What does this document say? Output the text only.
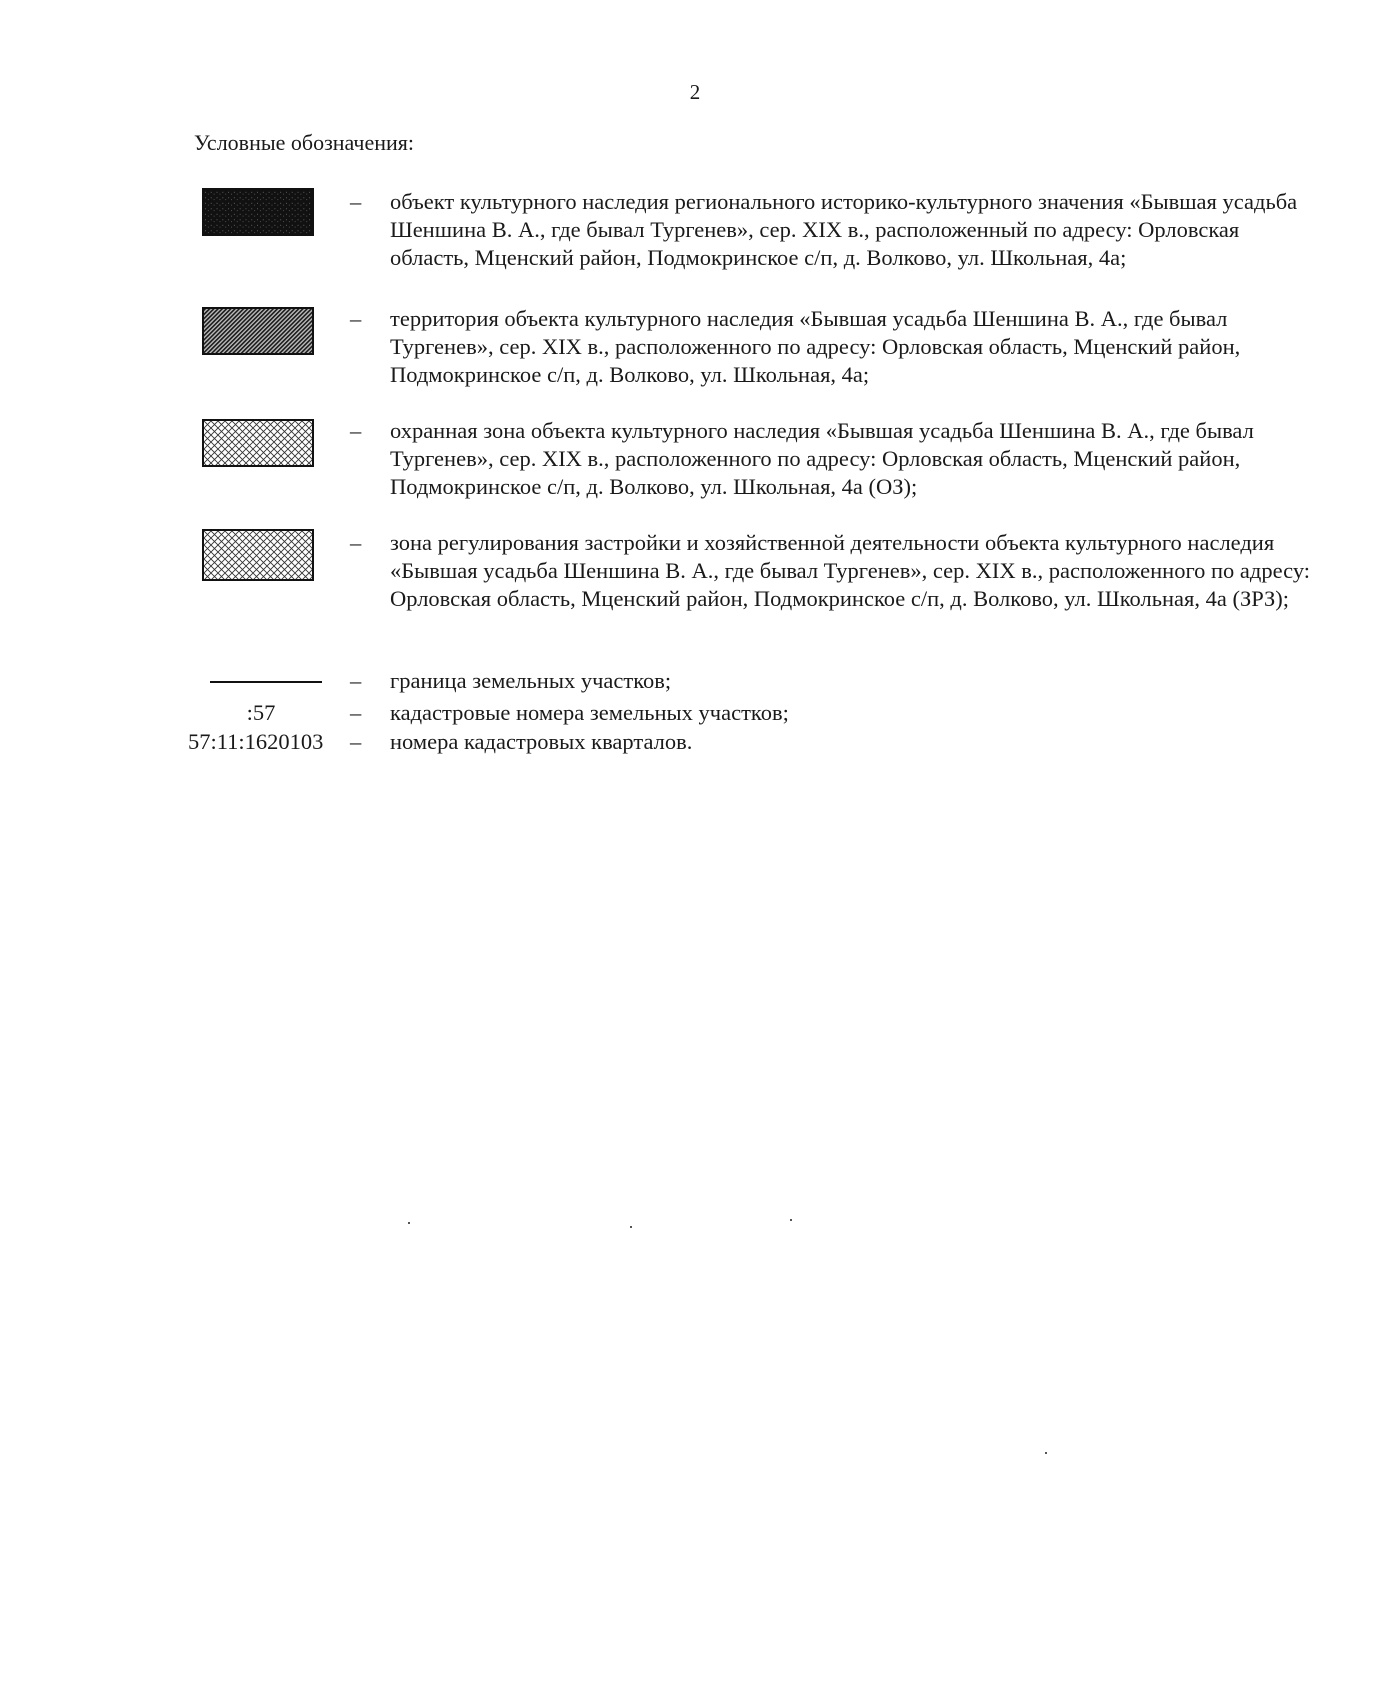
2
Условные обозначения:
– объект культурного наследия регионального историко-культурного значения «Бывшая усадьба Шеншина В. А., где бывал Тургенев», сер. XIX в., расположенный по адресу: Орловская область, Мценский район, Подмокринское с/п, д. Волково, ул. Школьная, 4а;
– территория объекта культурного наследия «Бывшая усадьба Шеншина В. А., где бывал Тургенев», сер. XIX в., расположенного по адресу: Орловская область, Мценский район, Подмокринское с/п, д. Волково, ул. Школьная, 4а;
– охранная зона объекта культурного наследия «Бывшая усадьба Шеншина В. А., где бывал Тургенев», сер. XIX в., расположенного по адресу: Орловская область, Мценский район, Подмокринское с/п, д. Волково, ул. Школьная, 4а (ОЗ);
– зона регулирования застройки и хозяйственной деятельности объекта культурного наследия «Бывшая усадьба Шеншина В. А., где бывал Тургенев», сер. XIX в., расположенного по адресу: Орловская область, Мценский район, Подмокринское с/п, д. Волково, ул. Школьная, 4а (ЗРЗ);
– граница земельных участков;
:57	– кадастровые номера земельных участков;
57:11:1620103	– номера кадастровых кварталов.
